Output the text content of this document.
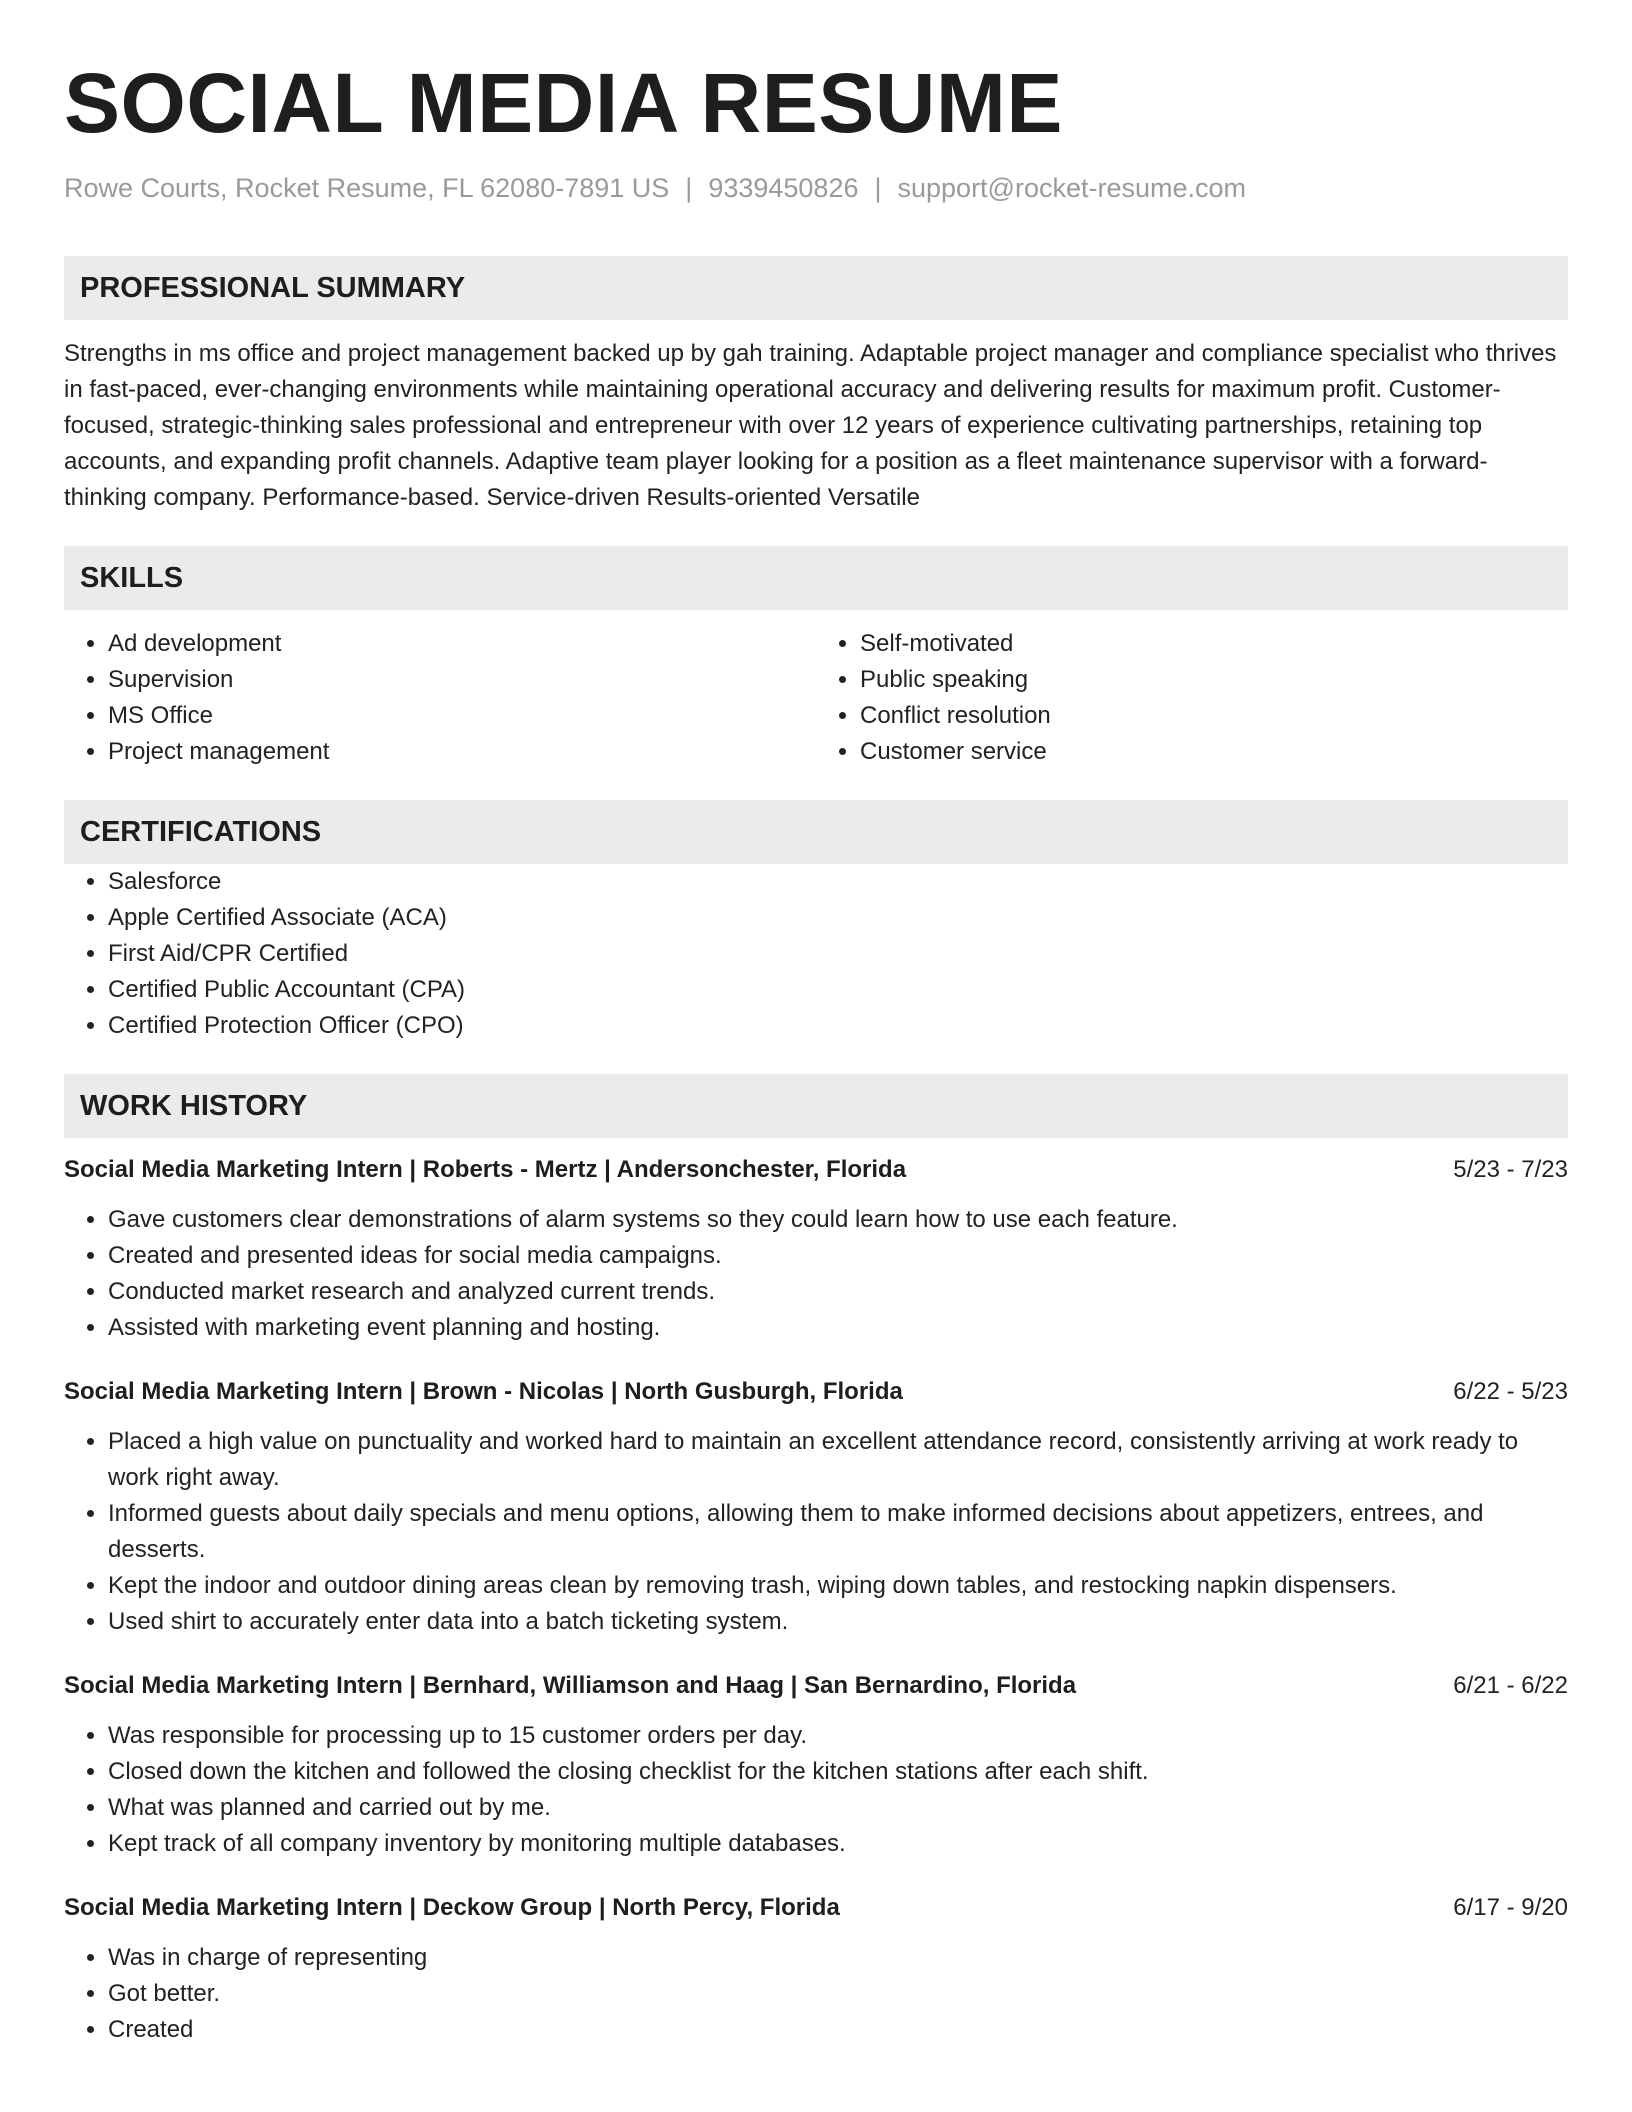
SOCIAL MEDIA RESUME
Rowe Courts, Rocket Resume, FL 62080-7891 US | 9339450826 | support@rocket-resume.com
PROFESSIONAL SUMMARY
Strengths in ms office and project management backed up by gah training. Adaptable project manager and compliance specialist who thrives in fast-paced, ever-changing environments while maintaining operational accuracy and delivering results for maximum profit. Customer-focused, strategic-thinking sales professional and entrepreneur with over 12 years of experience cultivating partnerships, retaining top accounts, and expanding profit channels. Adaptive team player looking for a position as a fleet maintenance supervisor with a forward-thinking company. Performance-based. Service-driven Results-oriented Versatile
SKILLS
• Ad development
• Supervision
• MS Office
• Project management
• Self-motivated
• Public speaking
• Conflict resolution
• Customer service
CERTIFICATIONS
• Salesforce
• Apple Certified Associate (ACA)
• First Aid/CPR Certified
• Certified Public Accountant (CPA)
• Certified Protection Officer (CPO)
WORK HISTORY
Social Media Marketing Intern | Roberts - Mertz | Andersonchester, Florida	5/23 - 7/23
• Gave customers clear demonstrations of alarm systems so they could learn how to use each feature.
• Created and presented ideas for social media campaigns.
• Conducted market research and analyzed current trends.
• Assisted with marketing event planning and hosting.
Social Media Marketing Intern | Brown - Nicolas | North Gusburgh, Florida	6/22 - 5/23
• Placed a high value on punctuality and worked hard to maintain an excellent attendance record, consistently arriving at work ready to work right away.
• Informed guests about daily specials and menu options, allowing them to make informed decisions about appetizers, entrees, and desserts.
• Kept the indoor and outdoor dining areas clean by removing trash, wiping down tables, and restocking napkin dispensers.
• Used shirt to accurately enter data into a batch ticketing system.
Social Media Marketing Intern | Bernhard, Williamson and Haag | San Bernardino, Florida	6/21 - 6/22
• Was responsible for processing up to 15 customer orders per day.
• Closed down the kitchen and followed the closing checklist for the kitchen stations after each shift.
• What was planned and carried out by me.
• Kept track of all company inventory by monitoring multiple databases.
Social Media Marketing Intern | Deckow Group | North Percy, Florida	6/17 - 9/20
• Was in charge of representing
• Got better.
• Created
